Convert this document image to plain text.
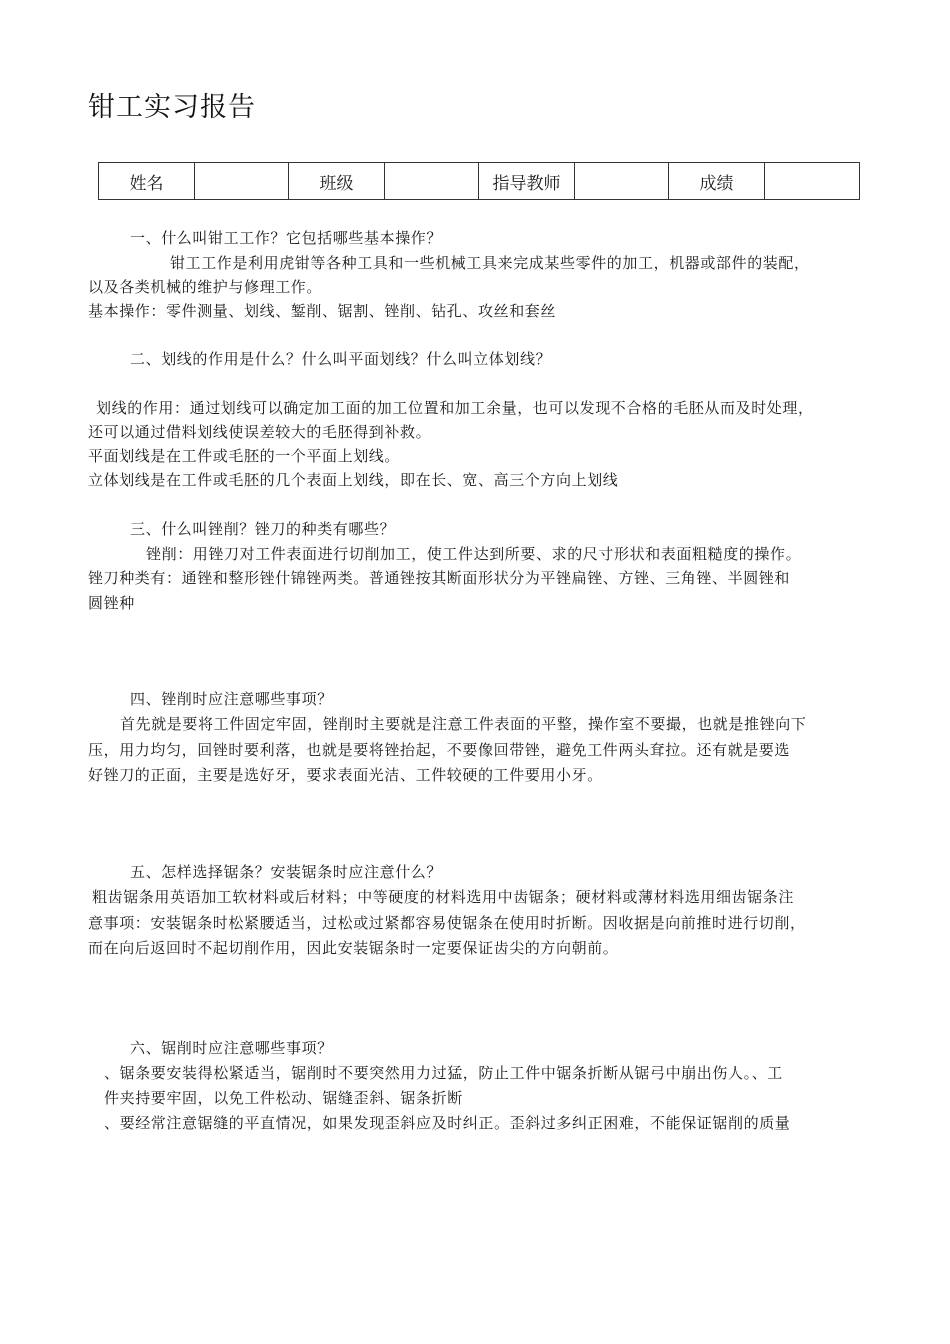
钳工实习报告
姓名		班级		指导教师		成绩	
一、什么叫钳工工作？它包括哪些基本操作？
钳工工作是利用虎钳等各种工具和一些机械工具来完成某些零件的加工，机器或部件的装配，
以及各类机械的维护与修理工作。
基本操作：零件测量、划线、錾削、锯割、锉削、钻孔、攻丝和套丝
二、划线的作用是什么？什么叫平面划线？什么叫立体划线？
划线的作用：通过划线可以确定加工面的加工位置和加工余量，也可以发现不合格的毛胚从而及时处理，
还可以通过借料划线使误差较大的毛胚得到补救。
平面划线是在工件或毛胚的一个平面上划线。
立体划线是在工件或毛胚的几个表面上划线，即在长、宽、高三个方向上划线
三、什么叫锉削？锉刀的种类有哪些？
锉削：用锉刀对工件表面进行切削加工，使工件达到所要、求的尺寸形状和表面粗糙度的操作。
锉刀种类有：通锉和整形锉什锦锉两类。普通锉按其断面形状分为平锉扁锉、方锉、三角锉、半圆锉和
圆锉种
四、锉削时应注意哪些事项？
首先就是要将工件固定牢固，锉削时主要就是注意工件表面的平整，操作室不要撮，也就是推锉向下
压，用力均匀，回锉时要利落，也就是要将锉抬起，不要像回带锉，避免工件两头耷拉。还有就是要选
好锉刀的正面，主要是选好牙，要求表面光洁、工件较硬的工件要用小牙。
五、怎样选择锯条？安装锯条时应注意什么？
粗齿锯条用英语加工软材料或后材料；中等硬度的材料选用中齿锯条；硬材料或薄材料选用细齿锯条注
意事项：安装锯条时松紧腰适当，过松或过紧都容易使锯条在使用时折断。因收据是向前推时进行切削，
而在向后返回时不起切削作用，因此安装锯条时一定要保证齿尖的方向朝前。
六、锯削时应注意哪些事项？
、锯条要安装得松紧适当，锯削时不要突然用力过猛，防止工件中锯条折断从锯弓中崩出伤人。、工
件夹持要牢固，以免工件松动、锯缝歪斜、锯条折断
、要经常注意锯缝的平直情况，如果发现歪斜应及时纠正。歪斜过多纠正困难，不能保证锯削的质量
